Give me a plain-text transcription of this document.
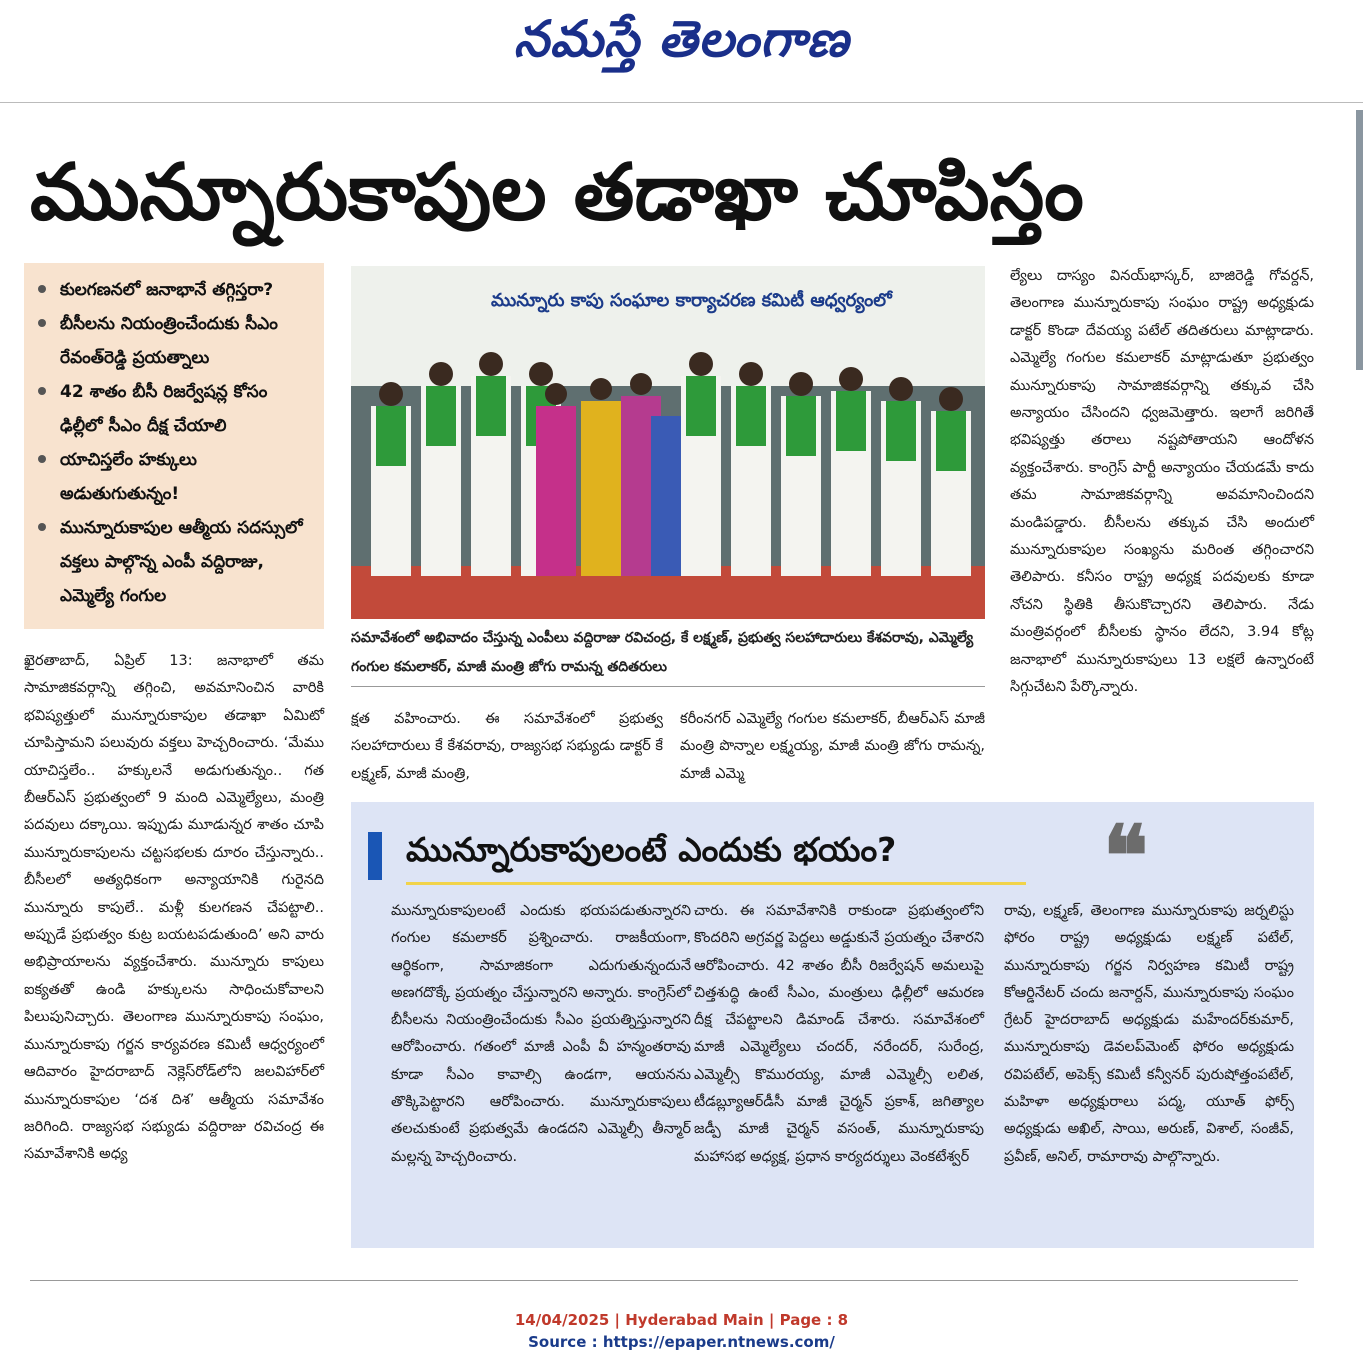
నమస్తే తెలంగాణ
మున్నూరుకాపుల తడాఖా చూపిస్తం
కులగణనలో జనాభానే తగ్గిస్తరా?
బీసీలను నియంత్రించేందుకు సీఎం రేవంత్‌రెడ్డి ప్రయత్నాలు
42 శాతం బీసీ రిజర్వేషన్ల కోసం ఢిల్లీలో సీఎం దీక్ష చేయాలి
యాచిస్తలేం హక్కులు అడుతుగుతున్నం!
మున్నూరుకాపుల ఆత్మీయ సదస్సులో వక్తలు పాల్గొన్న ఎంపీ వద్దిరాజు, ఎమ్మెల్యే గంగుల
మున్నూరు కాపు సంఘాల కార్యాచరణ కమిటీ ఆధ్వర్యంలో
సమావేశంలో అభివాదం చేస్తున్న ఎంపీలు వద్దిరాజు రవిచంద్ర, కే లక్ష్మణ్‌, ప్రభుత్వ సలహాదారులు కేశవరావు, ఎమ్మెల్యే గంగుల కమలాకర్‌, మాజీ మంత్రి జోగు రామన్న తదితరులు

ఖైరతాబాద్‌, ఏప్రిల్‌ 13: జనాభాలో తమ సామాజికవర్గాన్ని తగ్గించి, అవమానించిన వారికి భవిష్యత్తులో మున్నూరుకాపుల తడాఖా ఏమిటో చూపిస్తామని పలువురు వక్తలు హెచ్చరించారు. ‘మేము యాచిస్తలేం.. హక్కులనే అడుగుతున్నం.. గత బీఆర్‌ఎస్‌ ప్రభుత్వంలో 9 మంది ఎమ్మెల్యేలు, మంత్రి పదవులు దక్కాయి. ఇప్పుడు మూడున్నర శాతం చూపి మున్నూరుకాపులను చట్టసభలకు దూరం చేస్తున్నారు.. బీసీలలో అత్యధికంగా అన్యాయానికి గురైనది మున్నూరు కాపులే.. మళ్లీ కులగణన చేపట్టాలి.. అప్పుడే ప్రభుత్వం కుట్ర బయటపడుతుంది’ అని వారు అభిప్రాయాలను వ్యక్తంచేశారు. మున్నూరు కాపులు ఐక్యతతో ఉండి హక్కులను సాధించుకోవాలని పిలుపునిచ్చారు. తెలంగాణ మున్నూరుకాపు సంఘం, మున్నూరుకాపు గర్జన కార్యవరణ కమిటీ ఆధ్వర్యంలో ఆదివారం హైదరాబాద్‌ నెక్లెస్‌రోడ్‌లోని జలవిహార్‌లో మున్నూరుకాపుల ‘దశ దిశ’ ఆత్మీయ సమావేశం జరిగింది. రాజ్యసభ సభ్యుడు వద్దిరాజు రవిచంద్ర ఈ సమావేశానికి అధ్య

క్షత వహించారు. ఈ సమావేశంలో ప్రభుత్వ సలహాదారులు కే కేశవరావు, రాజ్యసభ సభ్యుడు డాక్టర్‌ కే లక్ష్మణ్‌, మాజీ మంత్రి,

కరీంనగర్‌ ఎమ్మెల్యే గంగుల కమలాకర్‌, బీఆర్‌ఎస్‌ మాజీ మంత్రి పొన్నాల లక్ష్మయ్య, మాజీ మంత్రి జోగు రామన్న, మాజీ ఎమ్మె

ల్యేలు దాస్యం వినయ్‌భాస్కర్‌, బాజిరెడ్డి గోవర్దన్‌, తెలంగాణ మున్నూరుకాపు సంఘం రాష్ట్ర అధ్యక్షుడు డాక్టర్‌ కొండా దేవయ్య పటేల్‌ తదితరులు మాట్లాడారు. ఎమ్మెల్యే గంగుల కమలాకర్‌ మాట్లాడుతూ ప్రభుత్వం మున్నూరుకాపు సామాజికవర్గాన్ని తక్కువ చేసి అన్యాయం చేసిందని ధ్వజమెత్తారు. ఇలాగే జరిగితే భవిష్యత్తు తరాలు నష్టపోతాయని ఆందోళన వ్యక్తంచేశారు. కాంగ్రెస్‌ పార్టీ అన్యాయం చేయడమే కాదు తమ సామాజికవర్గాన్ని అవమానించిందని మండిపడ్డారు. బీసీలను తక్కువ చేసి అందులో మున్నూరుకాపుల సంఖ్యను మరింత తగ్గించారని తెలిపారు. కనీసం రాష్ట్ర అధ్యక్ష పదవులకు కూడా నోచని స్థితికి తీసుకొచ్చారని తెలిపారు. నేడు మంత్రివర్గంలో బీసీలకు స్థానం లేదని, 3.94 కోట్ల జనాభాలో మున్నూరుకాపులు 13 లక్షలే ఉన్నారంటే సిగ్గుచేటని పేర్కొన్నారు.

మున్నూరుకాపులంటే ఎందుకు భయం? ❝
మున్నూరుకాపులంటే ఎందుకు భయపడుతున్నారని గంగుల కమలాకర్‌ ప్రశ్నించారు. రాజకీయంగా, ఆర్థికంగా, సామాజికంగా ఎదుగుతున్నందునే అణగదొక్కే ప్రయత్నం చేస్తున్నారని అన్నారు. కాంగ్రెస్‌లో బీసీలను నియంత్రించేందుకు సీఎం ప్రయత్నిస్తున్నారని ఆరోపించారు. గతంలో మాజీ ఎంపీ వీ హన్మంతరావు కూడా సీఎం కావాల్సి ఉండగా, ఆయనను తొక్కిపెట్టారని ఆరోపించారు. మున్నూరుకాపులు తలచుకుంటే ప్రభుత్వమే ఉండదని ఎమ్మెల్సీ తీన్మార్‌ మల్లన్న హెచ్చరించారు.
చారు. ఈ సమావేశానికి రాకుండా ప్రభుత్వంలోని కొందరిని అగ్రవర్ణ పెద్దలు అడ్డుకునే ప్రయత్నం చేశారని ఆరోపించారు. 42 శాతం బీసీ రిజర్వేషన్‌ అమలుపై చిత్తశుద్ధి ఉంటే సీఎం, మంత్రులు ఢిల్లీలో ఆమరణ దీక్ష చేపట్టాలని డిమాండ్‌ చేశారు. సమావేశంలో మాజీ ఎమ్మెల్యేలు చందర్‌, నరేందర్‌, సురేంద్ర, ఎమ్మెల్సీ కొమురయ్య, మాజీ ఎమ్మెల్సీ లలిత, టీడబ్ల్యూఆర్‌డీసీ మాజీ చైర్మన్‌ ప్రకాశ్‌, జగిత్యాల జడ్పీ మాజీ చైర్మన్‌ వసంత్‌, మున్నూరుకాపు మహాసభ అధ్యక్ష, ప్రధాన కార్యదర్శులు వెంకటేశ్వర్
రావు, లక్ష్మణ్‌, తెలంగాణ మున్నూరుకాపు జర్నలిస్టు ఫోరం రాష్ట్ర అధ్యక్షుడు లక్ష్మణ్‌ పటేల్‌, మున్నూరుకాపు గర్జన నిర్వహణ కమిటీ రాష్ట్ర కోఆర్డినేటర్‌ చందు జనార్దన్‌, మున్నూరుకాపు సంఘం గ్రేటర్‌ హైదరాబాద్‌ అధ్యక్షుడు మహేందర్‌కుమార్‌, మున్నూరుకాపు డెవలప్‌మెంట్‌ ఫోరం అధ్యక్షుడు రవిపటేల్‌, అపెక్స్‌ కమిటీ కన్వీనర్‌ పురుషోత్తంపటేల్‌, మహిళా అధ్యక్షురాలు పద్మ, యూత్‌ ఫోర్స్‌ అధ్యక్షుడు అఖిల్‌, సాయి, అరుణ్‌, విశాల్‌, సంజీవ్‌, ప్రవీణ్‌, అనిల్‌, రామారావు పాల్గొన్నారు.
14/04/2025 | Hyderabad Main | Page : 8
Source : https://epaper.ntnews.com/
